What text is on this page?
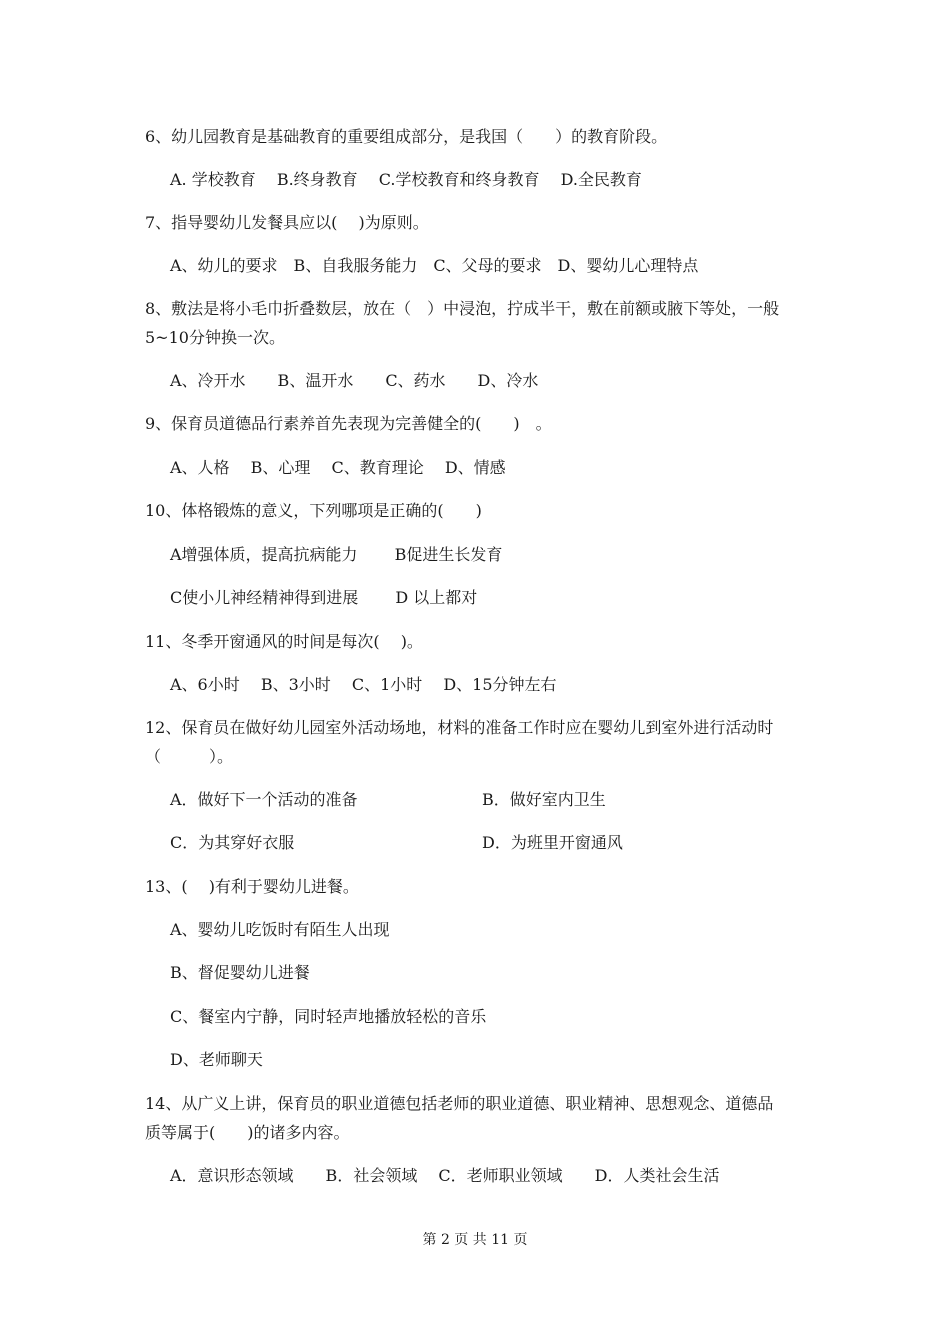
6、幼儿园教育是基础教育的重要组成部分，是我国（　　）的教育阶段。
A. 学校教育　 B.终身教育　 C.学校教育和终身教育　 D.全民教育
7、指导婴幼儿发餐具应以(　 )为原则。
A、幼儿的要求　B、自我服务能力　C、父母的要求　D、婴幼儿心理特点
8、敷法是将小毛巾折叠数层，放在（　）中浸泡，拧成半干，敷在前额或腋下等处，一般
5~10分钟换一次。
A、冷开水　　B、温开水　　C、药水　　D、冷水
9、保育员道德品行素养首先表现为完善健全的(　　)　。
A、人格　 B、心理　 C、教育理论　 D、情感
10、体格锻炼的意义，下列哪项是正确的(　　)
A增强体质，提高抗病能力　　 B促进生长发育
C使小儿神经精神得到进展　　 D 以上都对
11、冬季开窗通风的时间是每次(　 )。
A、6小时　 B、3小时　 C、1小时　 D、15分钟左右
12、保育员在做好幼儿园室外活动场地，材料的准备工作时应在婴幼儿到室外进行活动时
（　　　）。
A．做好下一个活动的准备	B．做好室内卫生
C．为其穿好衣服	D．为班里开窗通风
13、(　 )有利于婴幼儿进餐。
A、婴幼儿吃饭时有陌生人出现
B、督促婴幼儿进餐
C、餐室内宁静，同时轻声地播放轻松的音乐
D、老师聊天
14、从广义上讲，保育员的职业道德包括老师的职业道德、职业精神、思想观念、道德品
质等属于(　　)的诸多内容。
A．意识形态领域　　B．社会领域　 C．老师职业领域　　D．人类社会生活
第 2 页 共 11 页
